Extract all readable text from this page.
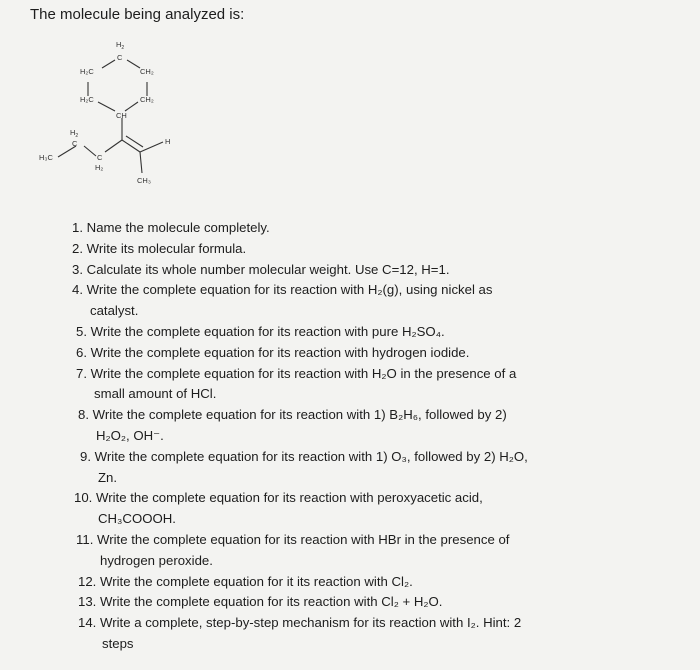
The molecule being analyzed is:
$H_2$
C
H₂C	CH₂
H₂C	CH₂
CH
$H_2$
C
H₃C	C
H₂
H
CH₃
1. Name the molecule completely.
2. Write its molecular formula.
3. Calculate its whole number molecular weight. Use C=12, H=1.
4. Write the complete equation for its reaction with H₂(g), using nickel as
catalyst.
5. Write the complete equation for its reaction with pure H₂SO₄.
6. Write the complete equation for its reaction with hydrogen iodide.
7. Write the complete equation for its reaction with H₂O in the presence of a
small amount of HCl.
8. Write the complete equation for its reaction with 1) B₂H₆, followed by 2)
H₂O₂, OH⁻.
9. Write the complete equation for its reaction with 1) O₃, followed by 2) H₂O,
Zn.
10. Write the complete equation for its reaction with peroxyacetic acid,
CH₃COOOH.
11. Write the complete equation for its reaction with HBr in the presence of
hydrogen peroxide.
12. Write the complete equation for it its reaction with Cl₂.
13. Write the complete equation for its reaction with Cl₂ + H₂O.
14. Write a complete, step-by-step mechanism for its reaction with I₂. Hint: 2
steps
